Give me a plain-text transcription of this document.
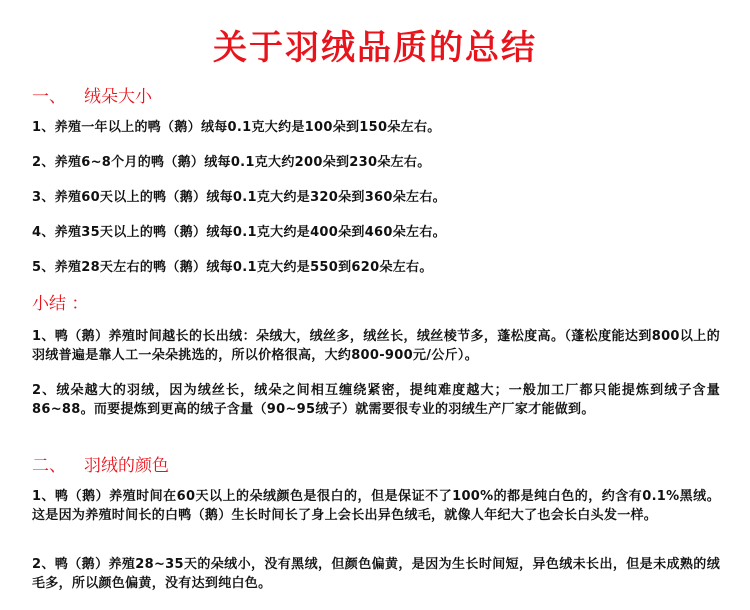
关于羽绒品质的总结
一、 绒朵大小
1、养殖一年以上的鸭（鹅）绒每0.1克大约是100朵到150朵左右。
2、养殖6~8个月的鸭（鹅）绒每0.1克大约200朵到230朵左右。
3、养殖60天以上的鸭（鹅）绒每0.1克大约是320朵到360朵左右。
4、养殖35天以上的鸭（鹅）绒每0.1克大约是400朵到460朵左右。
5、养殖28天左右的鸭（鹅）绒每0.1克大约是550到620朵左右。
小结 ：
1、鸭（鹅）养殖时间越长的长出绒：朵绒大，绒丝多，绒丝长，绒丝棱节多，蓬松度高。（蓬松度能达到800以上的羽绒普遍是靠人工一朵朵挑选的，所以价格很高，大约800-900元/公斤）。
2、绒朵越大的羽绒，因为绒丝长，绒朵之间相互缠绕紧密，提纯难度越大；一般加工厂都只能提炼到绒子含量86~88。而要提炼到更高的绒子含量（90~95绒子）就需要很专业的羽绒生产厂家才能做到。
二、 羽绒的颜色
1、鸭（鹅）养殖时间在60天以上的朵绒颜色是很白的，但是保证不了100%的都是纯白色的，约含有0.1%黑绒。这是因为养殖时间长的白鸭（鹅）生长时间长了身上会长出异色绒毛，就像人年纪大了也会长白头发一样。
2、鸭（鹅）养殖28~35天的朵绒小，没有黑绒，但颜色偏黄，是因为生长时间短，异色绒未长出，但是未成熟的绒毛多，所以颜色偏黄，没有达到纯白色。
